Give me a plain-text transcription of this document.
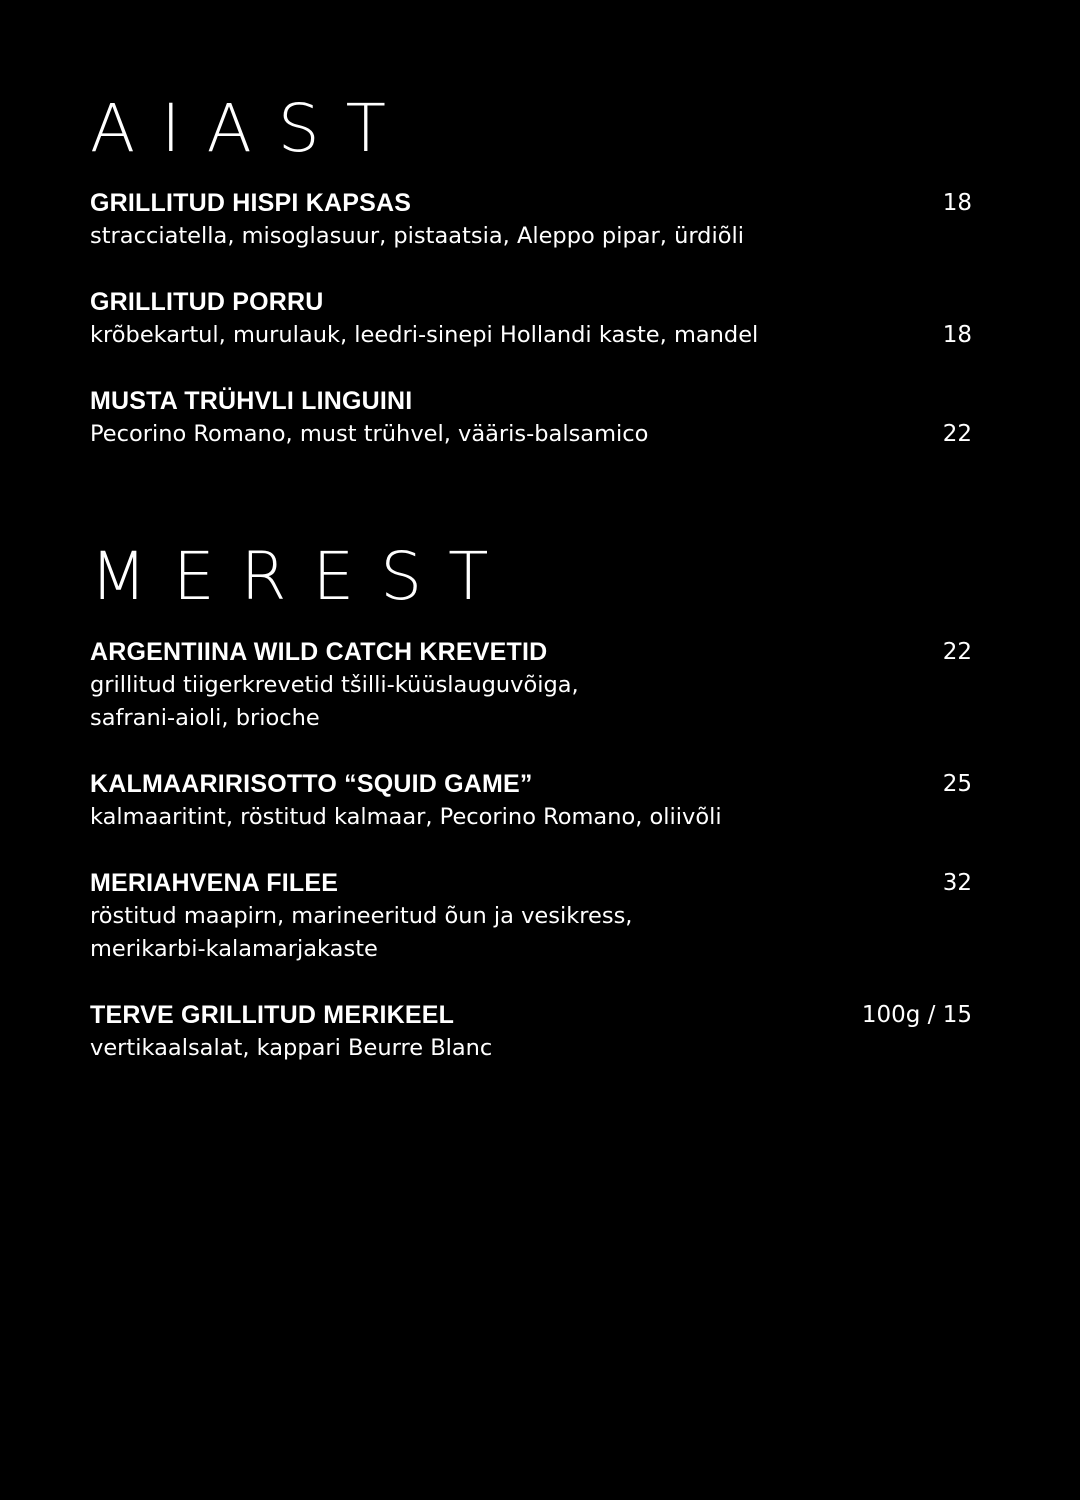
AIAST
GRILLITUD HISPI KAPSAS
stracciatella, misoglasuur, pistaatsia, Aleppo pipar, ürdiõli
18
GRILLITUD PORRU
krõbekartul, murulauk, leedri-sinepi Hollandi kaste, mandel	18
MUSTA TRÜHVLI LINGUINI
Pecorino Romano, must trühvel, vääris-balsamico	22
MEREST
ARGENTIINA WILD CATCH KREVETID
grillitud tiigerkrevetid tšilli-küüslauguvõiga,
safrani-aioli, brioche
22
KALMAARIRISOTTO “SQUID GAME”
kalmaaritint, röstitud kalmaar, Pecorino Romano, oliivõli
25
MERIAHVENA FILEE
röstitud maapirn, marineeritud õun ja vesikress,
merikarbi-kalamarjakaste
32
TERVE GRILLITUD MERIKEEL
vertikaalsalat, kappari Beurre Blanc
100g / 15
